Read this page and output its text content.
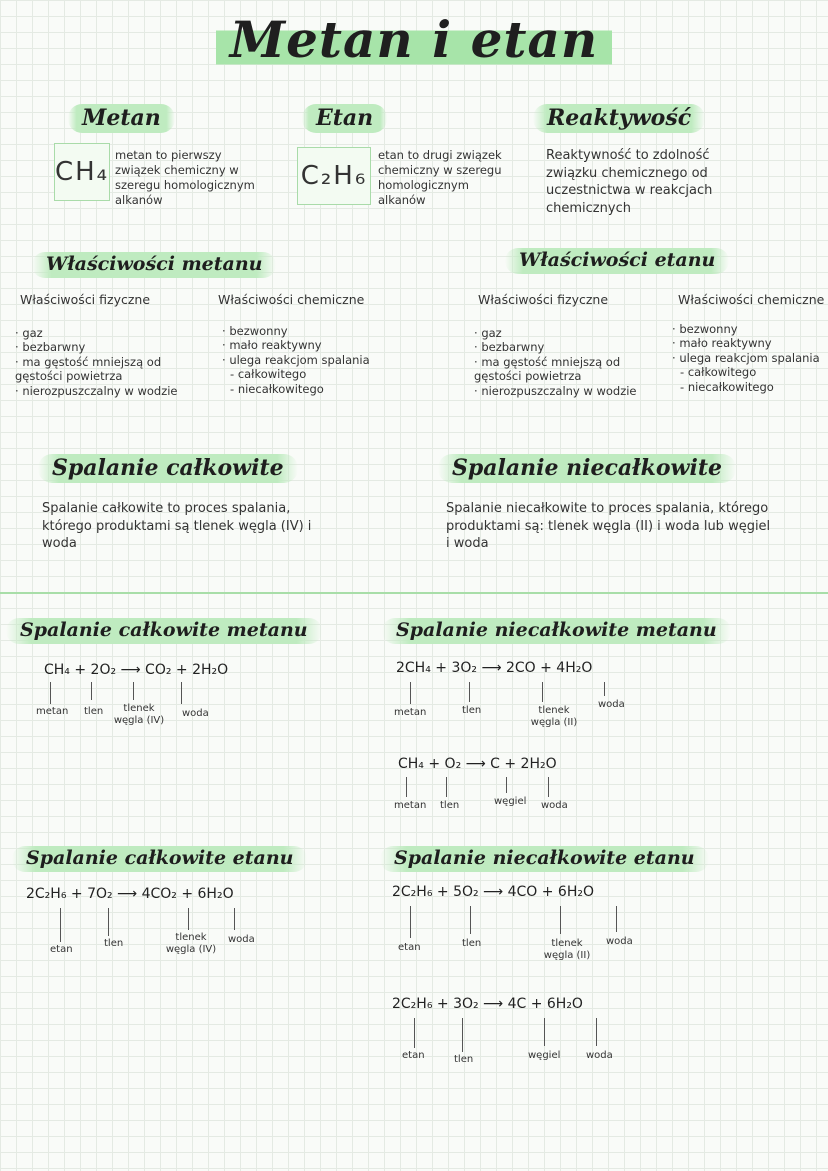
Metan i etan
Metan
CH₄
metan to pierwszy związek chemiczny w szeregu homologicznym alkanów
Etan
C₂H₆
etan to drugi związek chemiczny w szeregu homologicznym alkanów
Reaktywość
Reaktywność to zdolność związku chemicznego od uczestnictwa w reakcjach chemicznych
Właściwości metanu
Właściwości fizyczne
· gaz
· bezbarwny
· ma gęstość mniejszą od gęstości powietrza
· nierozpuszczalny w wodzie
Właściwości chemiczne
· bezwonny
· mało reaktywny
· ulega reakcjom spalania
- całkowitego
- niecałkowitego
Właściwości etanu
Właściwości fizyczne
· gaz
· bezbarwny
· ma gęstość mniejszą od gęstości powietrza
· nierozpuszczalny w wodzie
Właściwości chemiczne
· bezwonny
· mało reaktywny
· ulega reakcjom spalania
- całkowitego
- niecałkowitego
Spalanie całkowite
Spalanie całkowite to proces spalania, którego produktami są tlenek węgla (IV) i woda
Spalanie niecałkowite
Spalanie niecałkowite to proces spalania, którego produktami są: tlenek węgla (II) i woda lub węgiel i woda
Spalanie całkowite metanu
CH₄ + 2O₂ ⟶ CO₂ + 2H₂O
metan tlen	tlenek węgla (IV)
woda
Spalanie niecałkowite metanu
2CH₄ + 3O₂ ⟶ 2CO + 4H₂O
metan	tlen	tlenek węgla (II)
woda
CH₄ + O₂ ⟶ C + 2H₂O
metan tlen	węgiel woda
Spalanie całkowite etanu
2C₂H₆ + 7O₂ ⟶ 4CO₂ + 6H₂O
etan
tlen
tlenek węgla (IV)
woda
Spalanie niecałkowite etanu
2C₂H₆ + 5O₂ ⟶ 4CO + 6H₂O
etan	tlen	tlenek węgla (II)
woda
2C₂H₆ + 3O₂ ⟶ 4C + 6H₂O
etan	tlen	węgiel	woda
